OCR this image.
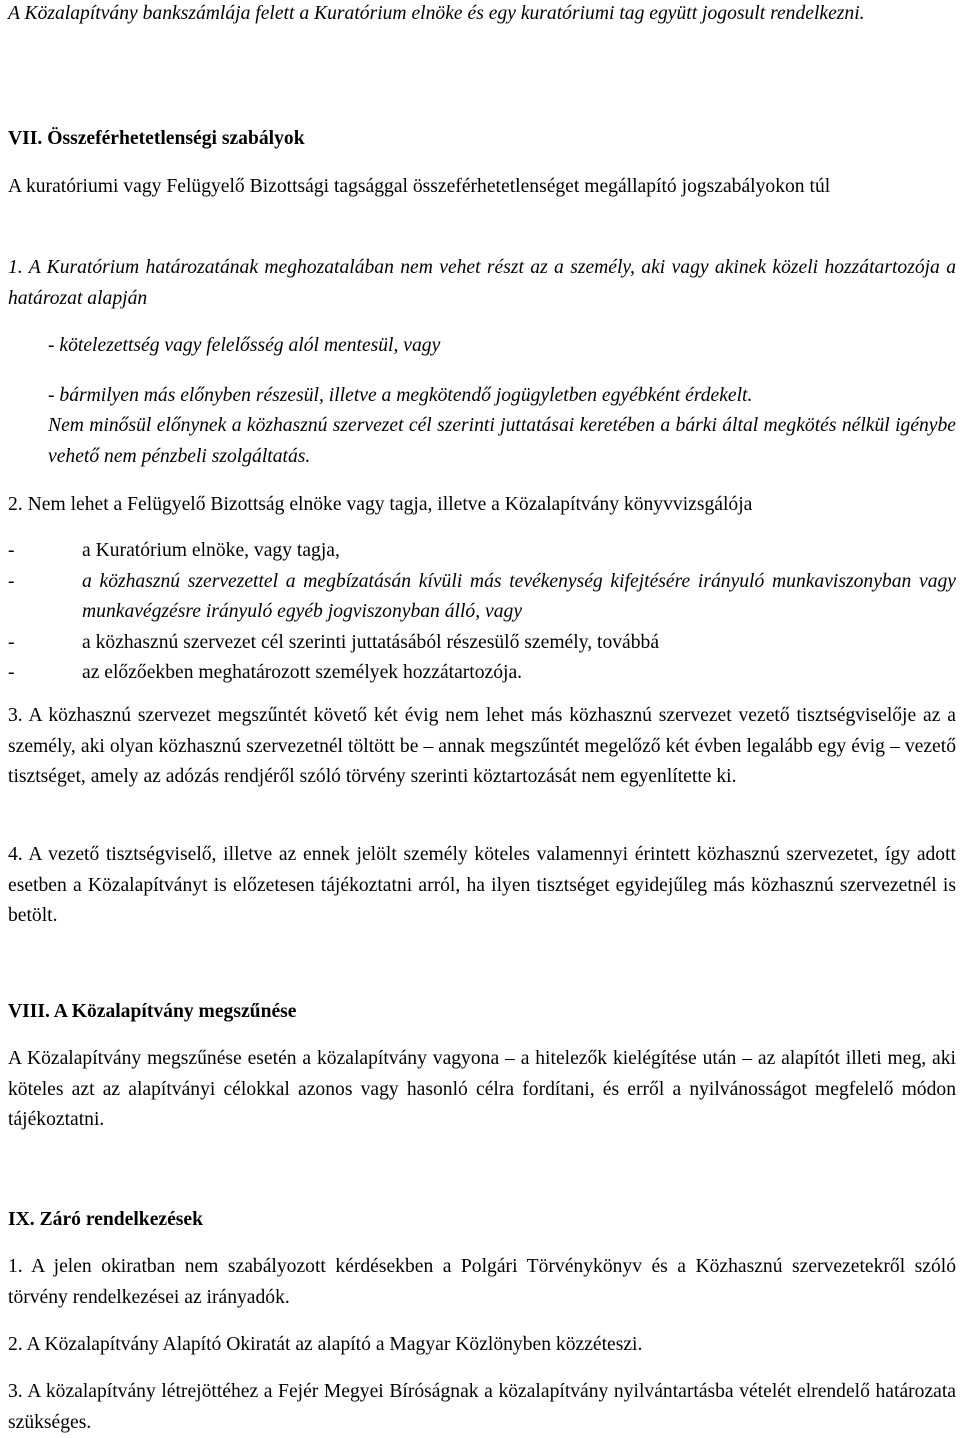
A Közalapítvány bankszámlája felett a Kuratórium elnöke és egy kuratóriumi tag együtt jogosult rendelkezni.

VII. Összeférhetetlenségi szabályok

A kuratóriumi vagy Felügyelő Bizottsági tagsággal összeférhetetlenséget megállapító jogszabályokon túl

1. A Kuratórium határozatának meghozatalában nem vehet részt az a személy, aki vagy akinek közeli hozzátartozója a határozat alapján

- kötelezettség vagy felelősség alól mentesül, vagy

- bármilyen más előnyben részesül, illetve a megkötendő jogügyletben egyébként érdekelt.

Nem minősül előnynek a közhasznú szervezet cél szerinti juttatásai keretében a bárki által megkötés nélkül igénybe vehető nem pénzbeli szolgáltatás.

2. Nem lehet a Felügyelő Bizottság elnöke vagy tagja, illetve a Közalapítvány könyvvizsgálója

-	a Kuratórium elnöke, vagy tagja,
-	a közhasznú szervezettel a megbízatásán kívüli más tevékenység kifejtésére irányuló munkaviszonyban vagy munkavégzésre irányuló egyéb jogviszonyban álló, vagy
-	a közhasznú szervezet cél szerinti juttatásából részesülő személy, továbbá
-	az előzőekben meghatározott személyek hozzátartozója.

3. A közhasznú szervezet megszűntét követő két évig nem lehet más közhasznú szervezet vezető tisztségviselője az a személy, aki olyan közhasznú szervezetnél töltött be – annak megszűntét megelőző két évben legalább egy évig – vezető tisztséget, amely az adózás rendjéről szóló törvény szerinti köztartozását nem egyenlítette ki.

4. A vezető tisztségviselő, illetve az ennek jelölt személy köteles valamennyi érintett közhasznú szervezetet, így adott esetben a Közalapítványt is előzetesen tájékoztatni arról, ha ilyen tisztséget egyidejűleg más közhasznú szervezetnél is betölt.

VIII. A Közalapítvány megszűnése

A Közalapítvány megszűnése esetén a közalapítvány vagyona – a hitelezők kielégítése után – az alapítót illeti meg, aki köteles azt az alapítványi célokkal azonos vagy hasonló célra fordítani, és erről a nyilvánosságot megfelelő módon tájékoztatni.

IX. Záró rendelkezések

1. A jelen okiratban nem szabályozott kérdésekben a Polgári Törvénykönyv és a Közhasznú szervezetekről szóló törvény rendelkezései az irányadók.

2. A Közalapítvány Alapító Okiratát az alapító a Magyar Közlönyben közzéteszi.

3. A közalapítvány létrejöttéhez a Fejér Megyei Bíróságnak a közalapítvány nyilvántartásba vételét elrendelő határozata szükséges.
